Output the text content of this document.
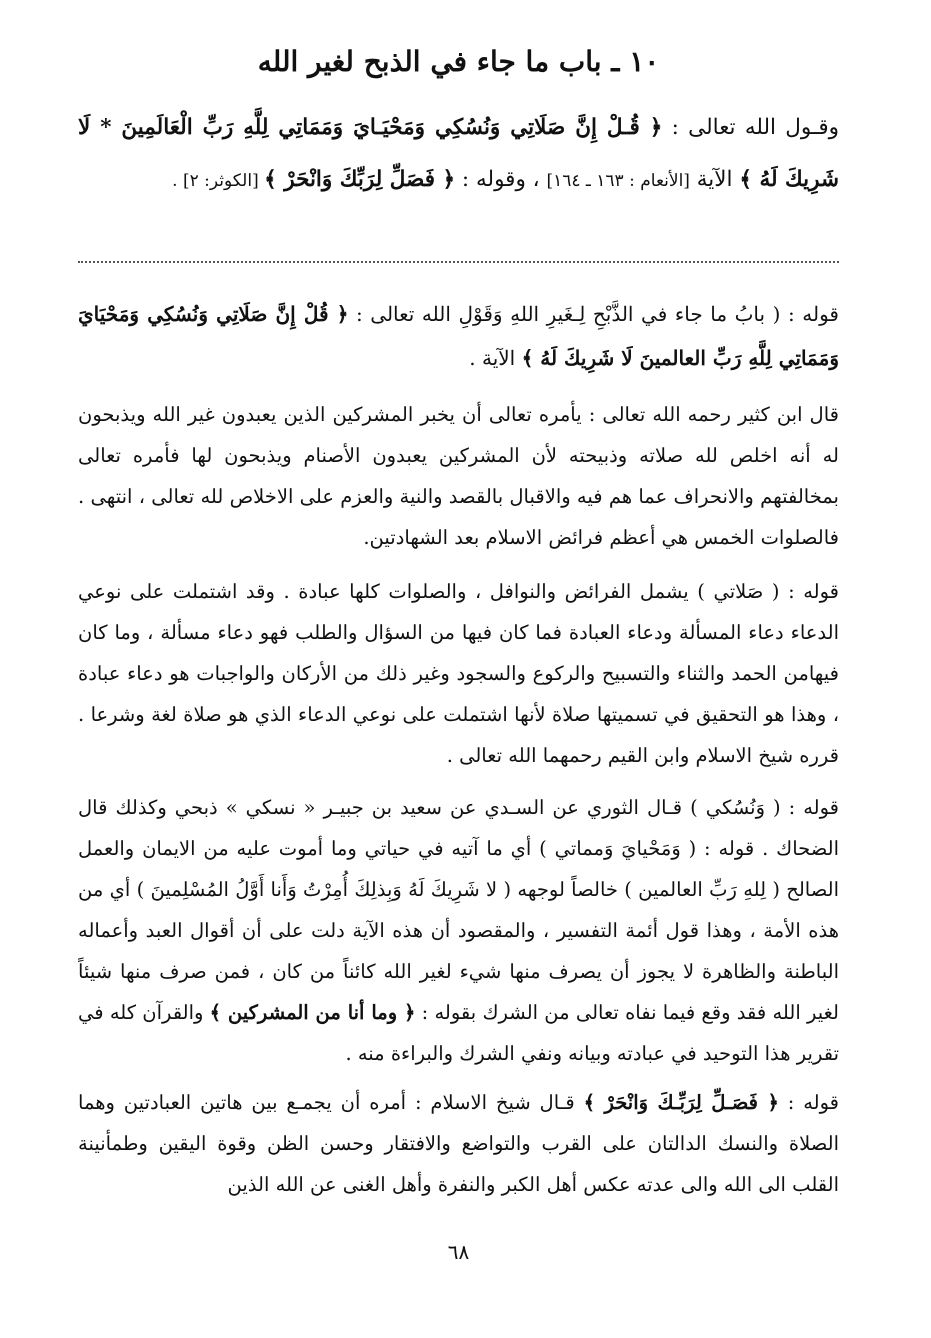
١٠ ـ باب ما جاء في الذبح لغير الله
وقـول الله تعالى : ﴿ قُـلْ إِنَّ صَلَاتِي وَنُسُكِي وَمَحْيَـايَ وَمَمَاتِي لِلَّهِ رَبِّ الْعَالَمِينَ * لَا شَرِيكَ لَهُ ﴾ الآية [الأنعام : ١٦٣ ـ ١٦٤] ، وقوله : ﴿ فَصَلِّ لِرَبِّكَ وَانْحَرْ ﴾ [الكوثر: ٢] .
قوله : ( بابُ ما جاء في الذَّبْحِ لِـغَيرِ اللهِ وَقَوْلِ الله تعالى : ﴿ قُلْ إِنَّ صَلَاتِي وَنُسُكِي وَمَحْيَايَ وَمَمَاتِي لِلَّهِ رَبِّ العالمينَ لَا شَرِيكَ لَهُ ﴾ الآية .
قال ابن كثير رحمه الله تعالى : يأمره تعالى أن يخبر المشركين الذين يعبدون غير الله ويذبحون له أنه اخلص لله صلاته وذبيحته لأن المشركين يعبدون الأصنام ويذبحون لها فأمره تعالى بمخالفتهم والانحراف عما هم فيه والاقبال بالقصد والنية والعزم على الاخلاص لله تعالى ، انتهى . فالصلوات الخمس هي أعظم فرائض الاسلام بعد الشهادتين.
قوله : ( صَلاتي ) يشمل الفرائض والنوافل ، والصلوات كلها عبادة . وقد اشتملت على نوعي الدعاء دعاء المسألة ودعاء العبادة فما كان فيها من السؤال والطلب فهو دعاء مسألة ، وما كان فيهامن الحمد والثناء والتسبيح والركوع والسجود وغير ذلك من الأركان والواجبات هو دعاء عبادة ، وهذا هو التحقيق في تسميتها صلاة لأنها اشتملت على نوعي الدعاء الذي هو صلاة لغة وشرعا . قرره شيخ الاسلام وابن القيم رحمهما الله تعالى .
قوله : ( وَنُسُكي ) قـال الثوري عن السـدي عن سعيد بن جبيـر « نسكي » ذبحي وكذلك قال الضحاك . قوله : ( وَمَحْيايَ وَمماتي ) أي ما آتيه في حياتي وما أموت عليه من الايمان والعمل الصالح ( لِلهِ رَبِّ العالمين ) خالصاً لوجهه ( لا شَرِيكَ لَهُ وَبِذلِكَ أُمِرْتُ وَأَنا أَوَّلُ المُسْلِمينَ ) أي من هذه الأمة ، وهذا قول أئمة التفسير ، والمقصود أن هذه الآية دلت على أن أقوال العبد وأعماله الباطنة والظاهرة لا يجوز أن يصرف منها شيء لغير الله كائناً من كان ، فمن صرف منها شيئاً لغير الله فقد وقع فيما نفاه تعالى من الشرك بقوله : ﴿ وما أنا من المشركين ﴾ والقرآن كله في تقرير هذا التوحيد في عبادته وبيانه ونفي الشرك والبراءة منه .
قوله : ﴿ فَصَـلِّ لِرَبِّـكَ وَانْحَرْ ﴾ قـال شيخ الاسلام : أمره أن يجمـع بين هاتين العبادتين وهما الصلاة والنسك الدالتان على القرب والتواضع والافتقار وحسن الظن وقوة اليقين وطمأنينة القلب الى الله والى عدته عكس أهل الكبر والنفرة وأهل الغنى عن الله الذين
٦٨
